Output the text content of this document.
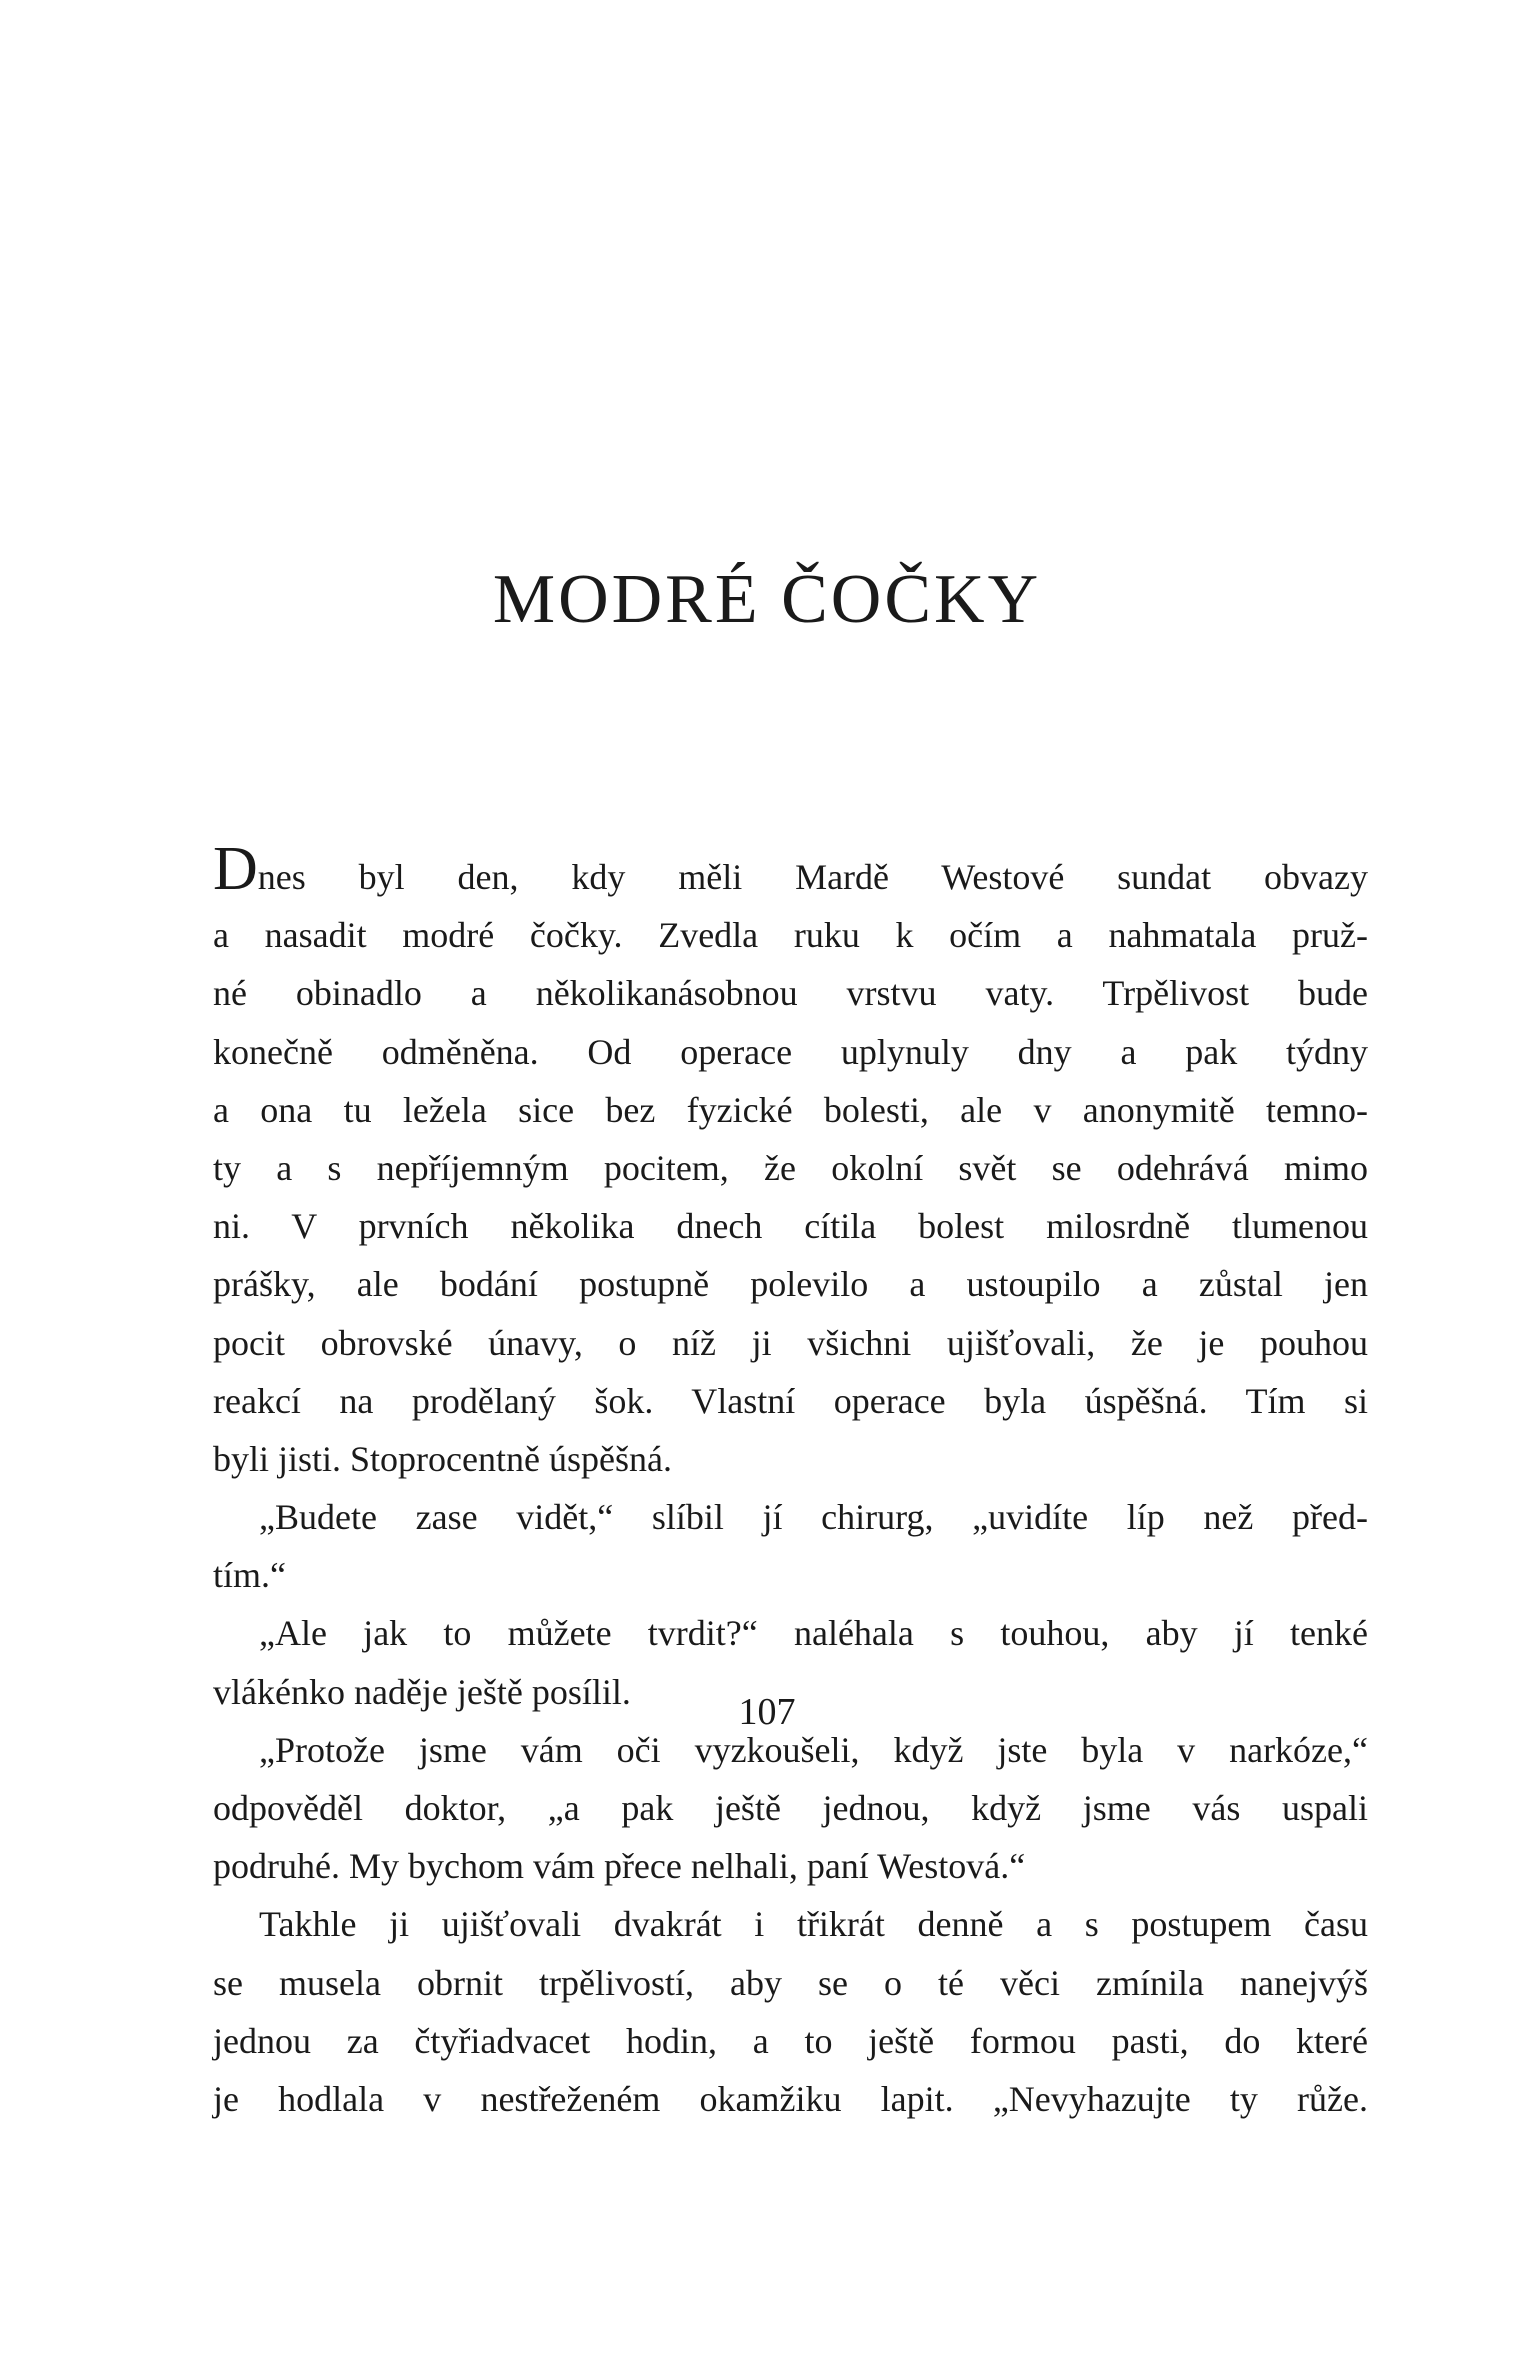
MODRÉ ČOČKY
Dnes byl den, kdy měli Mardě Westové sundat obvazy
a nasadit modré čočky. Zvedla ruku k očím a nahmatala pruž-
né obinadlo a několikanásobnou vrstvu vaty. Trpělivost bude
konečně odměněna. Od operace uplynuly dny a pak týdny
a ona tu ležela sice bez fyzické bolesti, ale v anonymitě temno-
ty a s nepříjemným pocitem, že okolní svět se odehrává mimo
ni. V prvních několika dnech cítila bolest milosrdně tlumenou
prášky, ale bodání postupně polevilo a ustoupilo a zůstal jen
pocit obrovské únavy, o níž ji všichni ujišťovali, že je pouhou
reakcí na prodělaný šok. Vlastní operace byla úspěšná. Tím si
byli jisti. Stoprocentně úspěšná.
„Budete zase vidět,“ slíbil jí chirurg, „uvidíte líp než před-
tím.“
„Ale jak to můžete tvrdit?“ naléhala s touhou, aby jí tenké
vlákénko naděje ještě posílil.
„Protože jsme vám oči vyzkoušeli, když jste byla v narkóze,“
odpověděl doktor, „a pak ještě jednou, když jsme vás uspali
podruhé. My bychom vám přece nelhali, paní Westová.“
Takhle ji ujišťovali dvakrát i třikrát denně a s postupem času
se musela obrnit trpělivostí, aby se o té věci zmínila nanejvýš
jednou za čtyřiadvacet hodin, a to ještě formou pasti, do které
je hodlala v nestřeženém okamžiku lapit. „Nevyhazujte ty růže.
107
